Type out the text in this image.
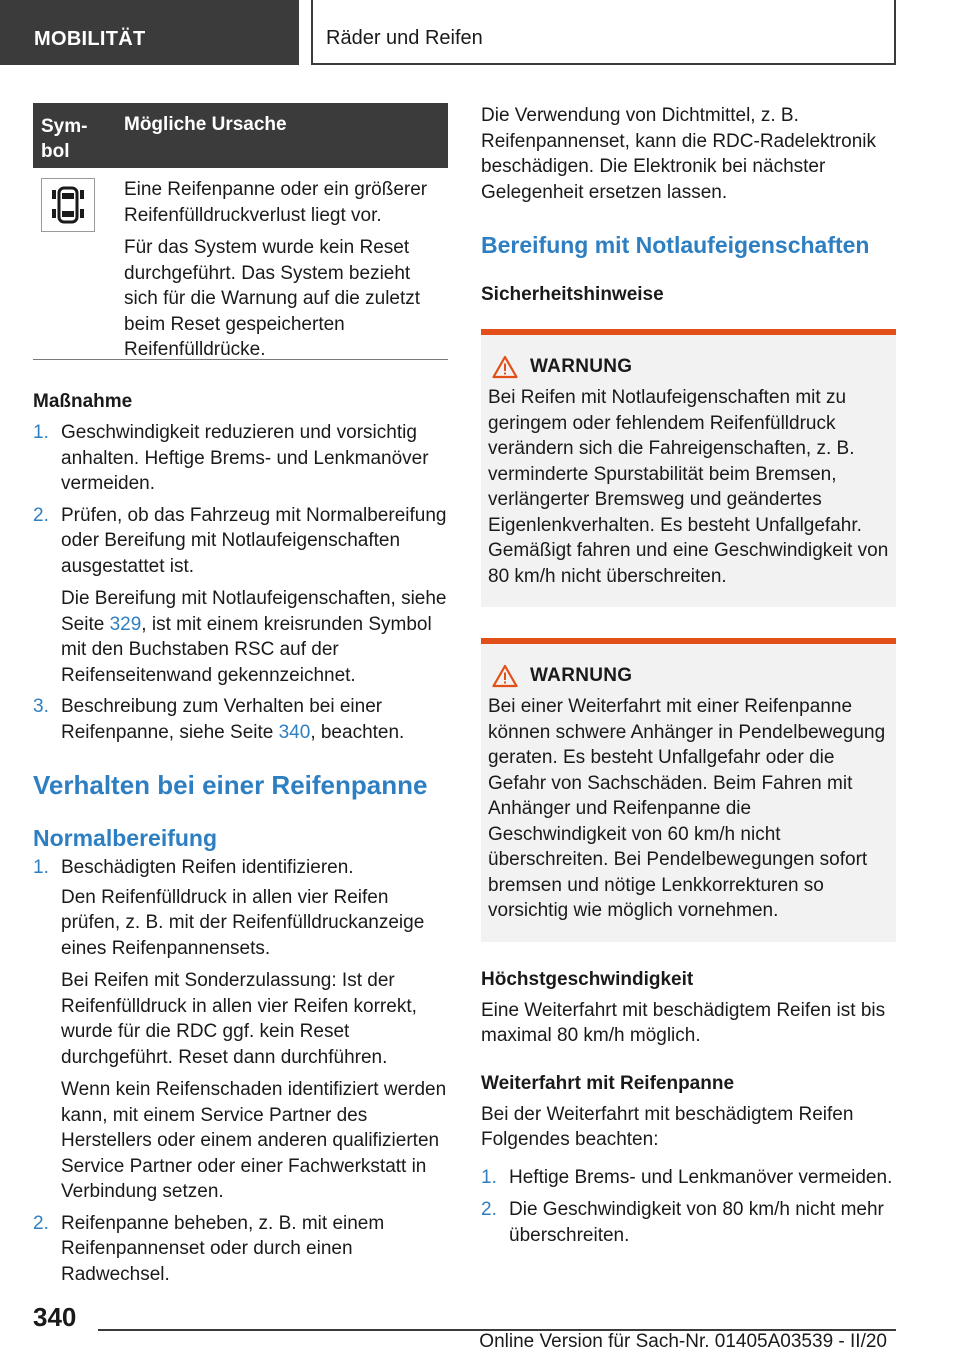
MOBILITÄT	Räder und Reifen
Sym-
bol
Mögliche Ursache

Eine Reifenpanne oder ein größerer Reifenfülldruckverlust liegt vor.

Für das System wurde kein Reset durchgeführt. Das System bezieht sich für die Warnung auf die zuletzt beim Reset gespeicherten Reifenfülldrücke.

Maßnahme
1. Geschwindigkeit reduzieren und vorsichtig anhalten. Heftige Brems- und Lenkmanöver vermeiden.

2. Prüfen, ob das Fahrzeug mit Normalbereifung oder Bereifung mit Notlaufeigenschaften ausgestattet ist.

Die Bereifung mit Notlaufeigenschaften, siehe Seite 329, ist mit einem kreisrunden Symbol mit den Buchstaben RSC auf der Reifenseitenwand gekennzeichnet.

3. Beschreibung zum Verhalten bei einer Reifenpanne, siehe Seite 340, beachten.

Verhalten bei einer Reifenpanne
Normalbereifung
1. Beschädigten Reifen identifizieren.

Den Reifenfülldruck in allen vier Reifen prüfen, z. B. mit der Reifenfülldruckanzeige eines Reifenpannensets.

Bei Reifen mit Sonderzulassung: Ist der Reifenfülldruck in allen vier Reifen korrekt, wurde für die RDC ggf. kein Reset durchgeführt. Reset dann durchführen.

Wenn kein Reifenschaden identifiziert werden kann, mit einem Service Partner des Herstellers oder einem anderen qualifizierten Service Partner oder einer Fachwerkstatt in Verbindung setzen.

2. Reifenpanne beheben, z. B. mit einem Reifenpannenset oder durch einen Radwechsel.

Die Verwendung von Dichtmittel, z. B. Reifenpannenset, kann die RDC-Radelektronik beschädigen. Die Elektronik bei nächster Gelegenheit ersetzen lassen.

Bereifung mit Notlaufeigenschaften
Sicherheitshinweise
WARNUNG

Bei Reifen mit Notlaufeigenschaften mit zu geringem oder fehlendem Reifenfülldruck verändern sich die Fahreigenschaften, z. B. verminderte Spurstabilität beim Bremsen, verlängerter Bremsweg und geändertes Eigenlenkverhalten. Es besteht Unfallgefahr. Gemäßigt fahren und eine Geschwindigkeit von 80 km/h nicht überschreiten.

WARNUNG

Bei einer Weiterfahrt mit einer Reifenpanne können schwere Anhänger in Pendelbewegung geraten. Es besteht Unfallgefahr oder die Gefahr von Sachschäden. Beim Fahren mit Anhänger und Reifenpanne die Geschwindigkeit von 60 km/h nicht überschreiten. Bei Pendelbewegungen sofort bremsen und nötige Lenkkorrekturen so vorsichtig wie möglich vornehmen.

Höchstgeschwindigkeit

Eine Weiterfahrt mit beschädigtem Reifen ist bis maximal 80 km/h möglich.

Weiterfahrt mit Reifenpanne

Bei der Weiterfahrt mit beschädigtem Reifen Folgendes beachten:

1. Heftige Brems- und Lenkmanöver vermeiden.

2. Die Geschwindigkeit von 80 km/h nicht mehr überschreiten.

340
Online Version für Sach-Nr. 01405A03539 - II/20
